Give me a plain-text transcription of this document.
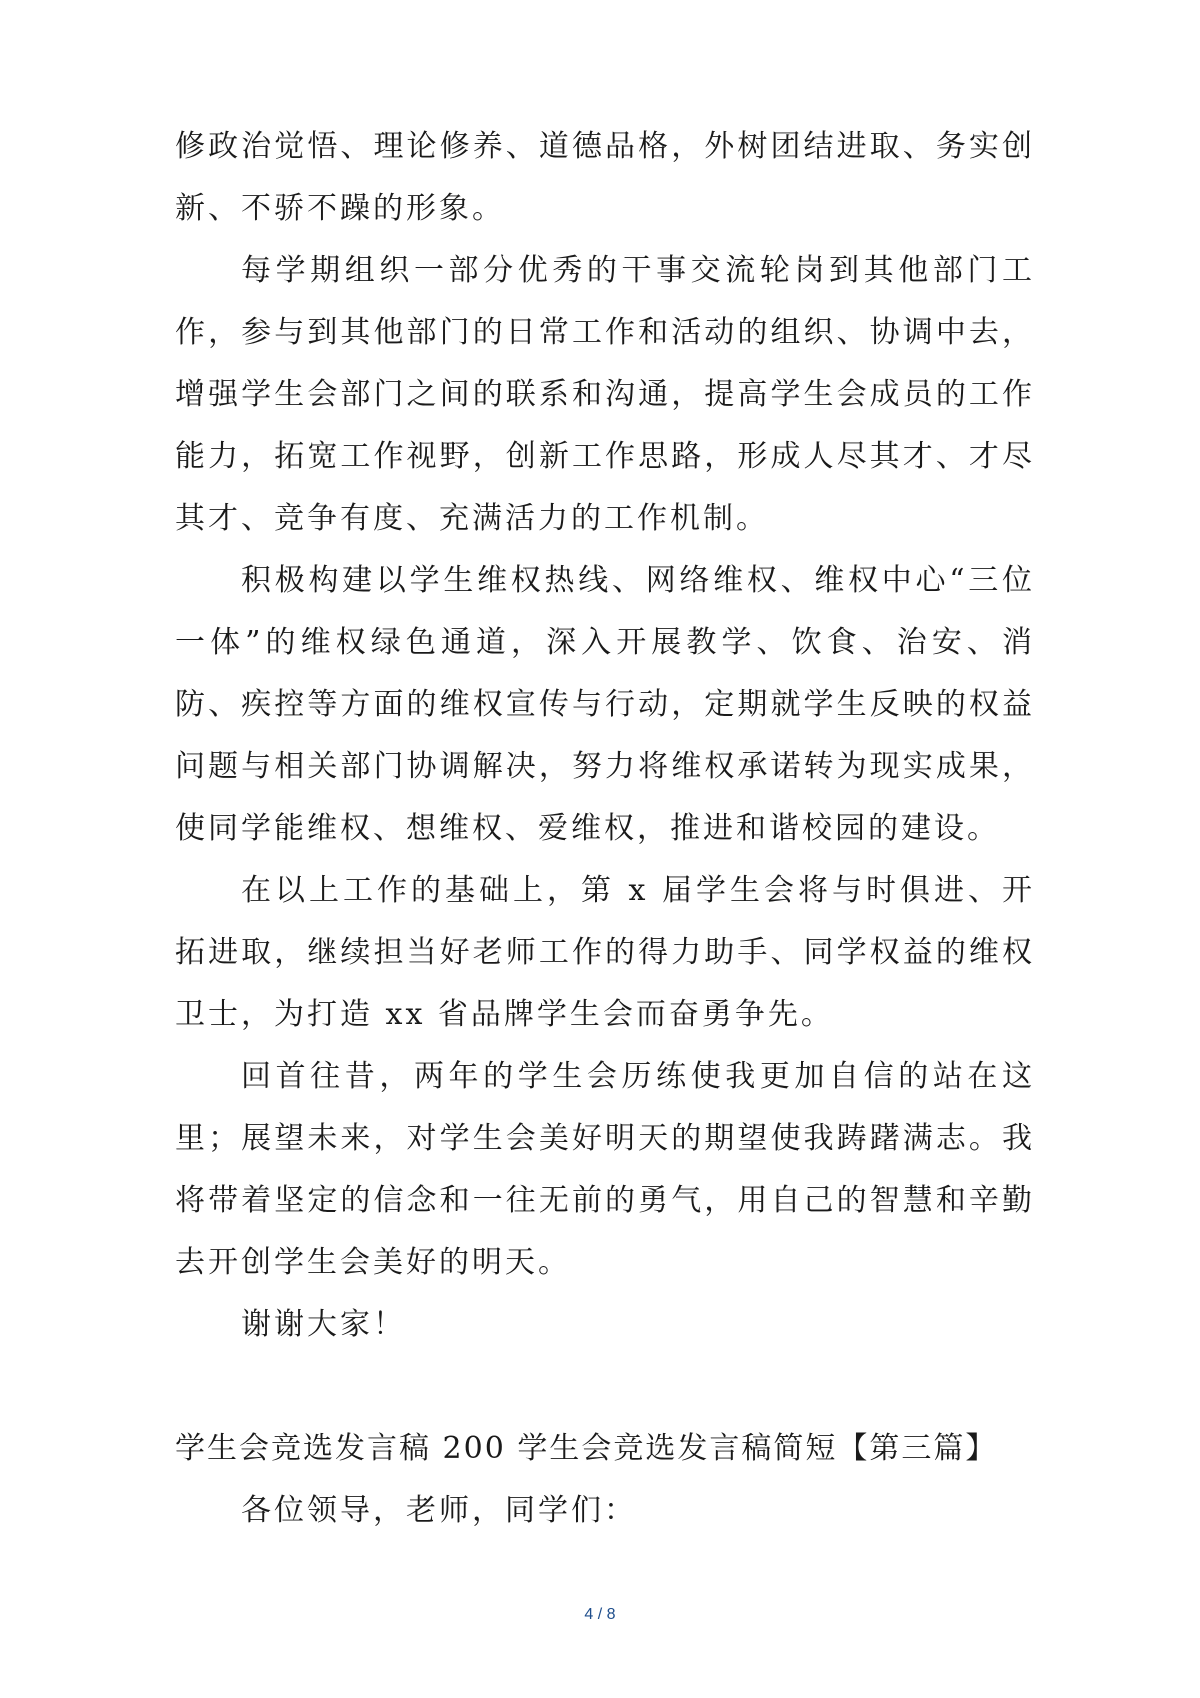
修政治觉悟、理论修养、道德品格，外树团结进取、务实创新、不骄不躁的形象。

每学期组织一部分优秀的干事交流轮岗到其他部门工作，参与到其他部门的日常工作和活动的组织、协调中去，增强学生会部门之间的联系和沟通，提高学生会成员的工作能力，拓宽工作视野，创新工作思路，形成人尽其才、才尽其才、竞争有度、充满活力的工作机制。

积极构建以学生维权热线、网络维权、维权中心“三位一体”的维权绿色通道，深入开展教学、饮食、治安、消防、疾控等方面的维权宣传与行动，定期就学生反映的权益问题与相关部门协调解决，努力将维权承诺转为现实成果，使同学能维权、想维权、爱维权，推进和谐校园的建设。

在以上工作的基础上，第 x 届学生会将与时俱进、开拓进取，继续担当好老师工作的得力助手、同学权益的维权卫士，为打造 xx 省品牌学生会而奋勇争先。

回首往昔，两年的学生会历练使我更加自信的站在这里；展望未来，对学生会美好明天的期望使我踌躇满志。我将带着坚定的信念和一往无前的勇气，用自己的智慧和辛勤去开创学生会美好的明天。

谢谢大家！

学生会竞选发言稿 200 学生会竞选发言稿简短【第三篇】

各位领导，老师，同学们：

4 / 8
